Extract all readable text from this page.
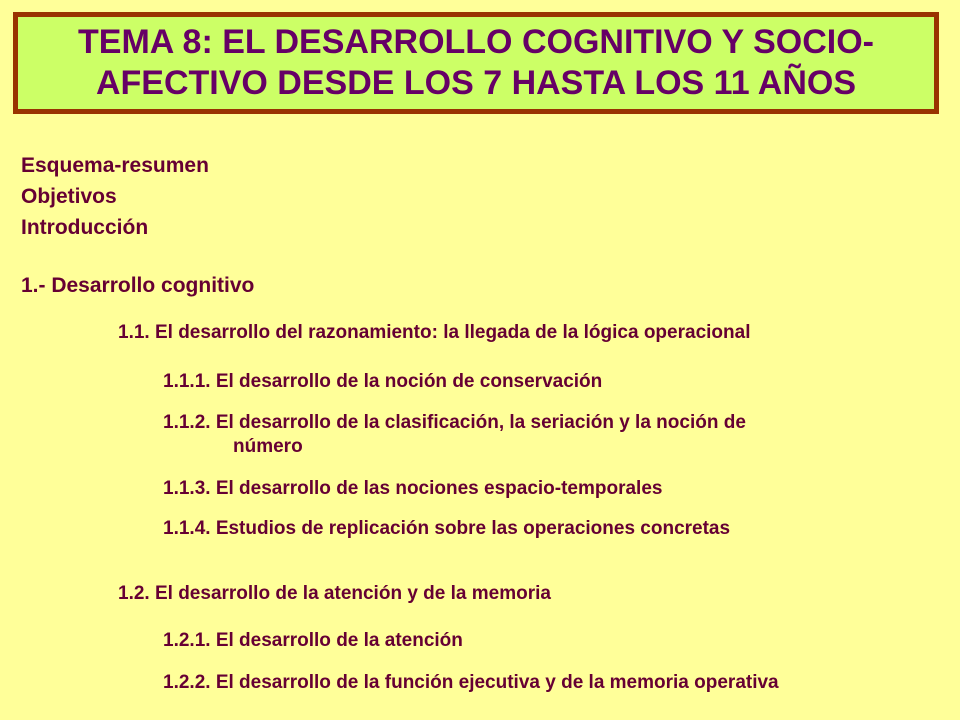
TEMA 8: EL DESARROLLO COGNITIVO Y SOCIO-
AFECTIVO DESDE LOS 7 HASTA LOS 11 AÑOS
Esquema-resumen
Objetivos
Introducción
1.- Desarrollo cognitivo
1.1. El desarrollo del razonamiento: la llegada de la lógica operacional
1.1.1. El desarrollo de la noción de conservación
1.1.2. El desarrollo de la clasificación, la seriación y la noción de
número
1.1.3. El desarrollo de las nociones espacio-temporales
1.1.4. Estudios de replicación sobre las operaciones concretas
1.2. El desarrollo de la atención y de la memoria
1.2.1. El desarrollo de la atención
1.2.2. El desarrollo de la función ejecutiva y de la memoria operativa
